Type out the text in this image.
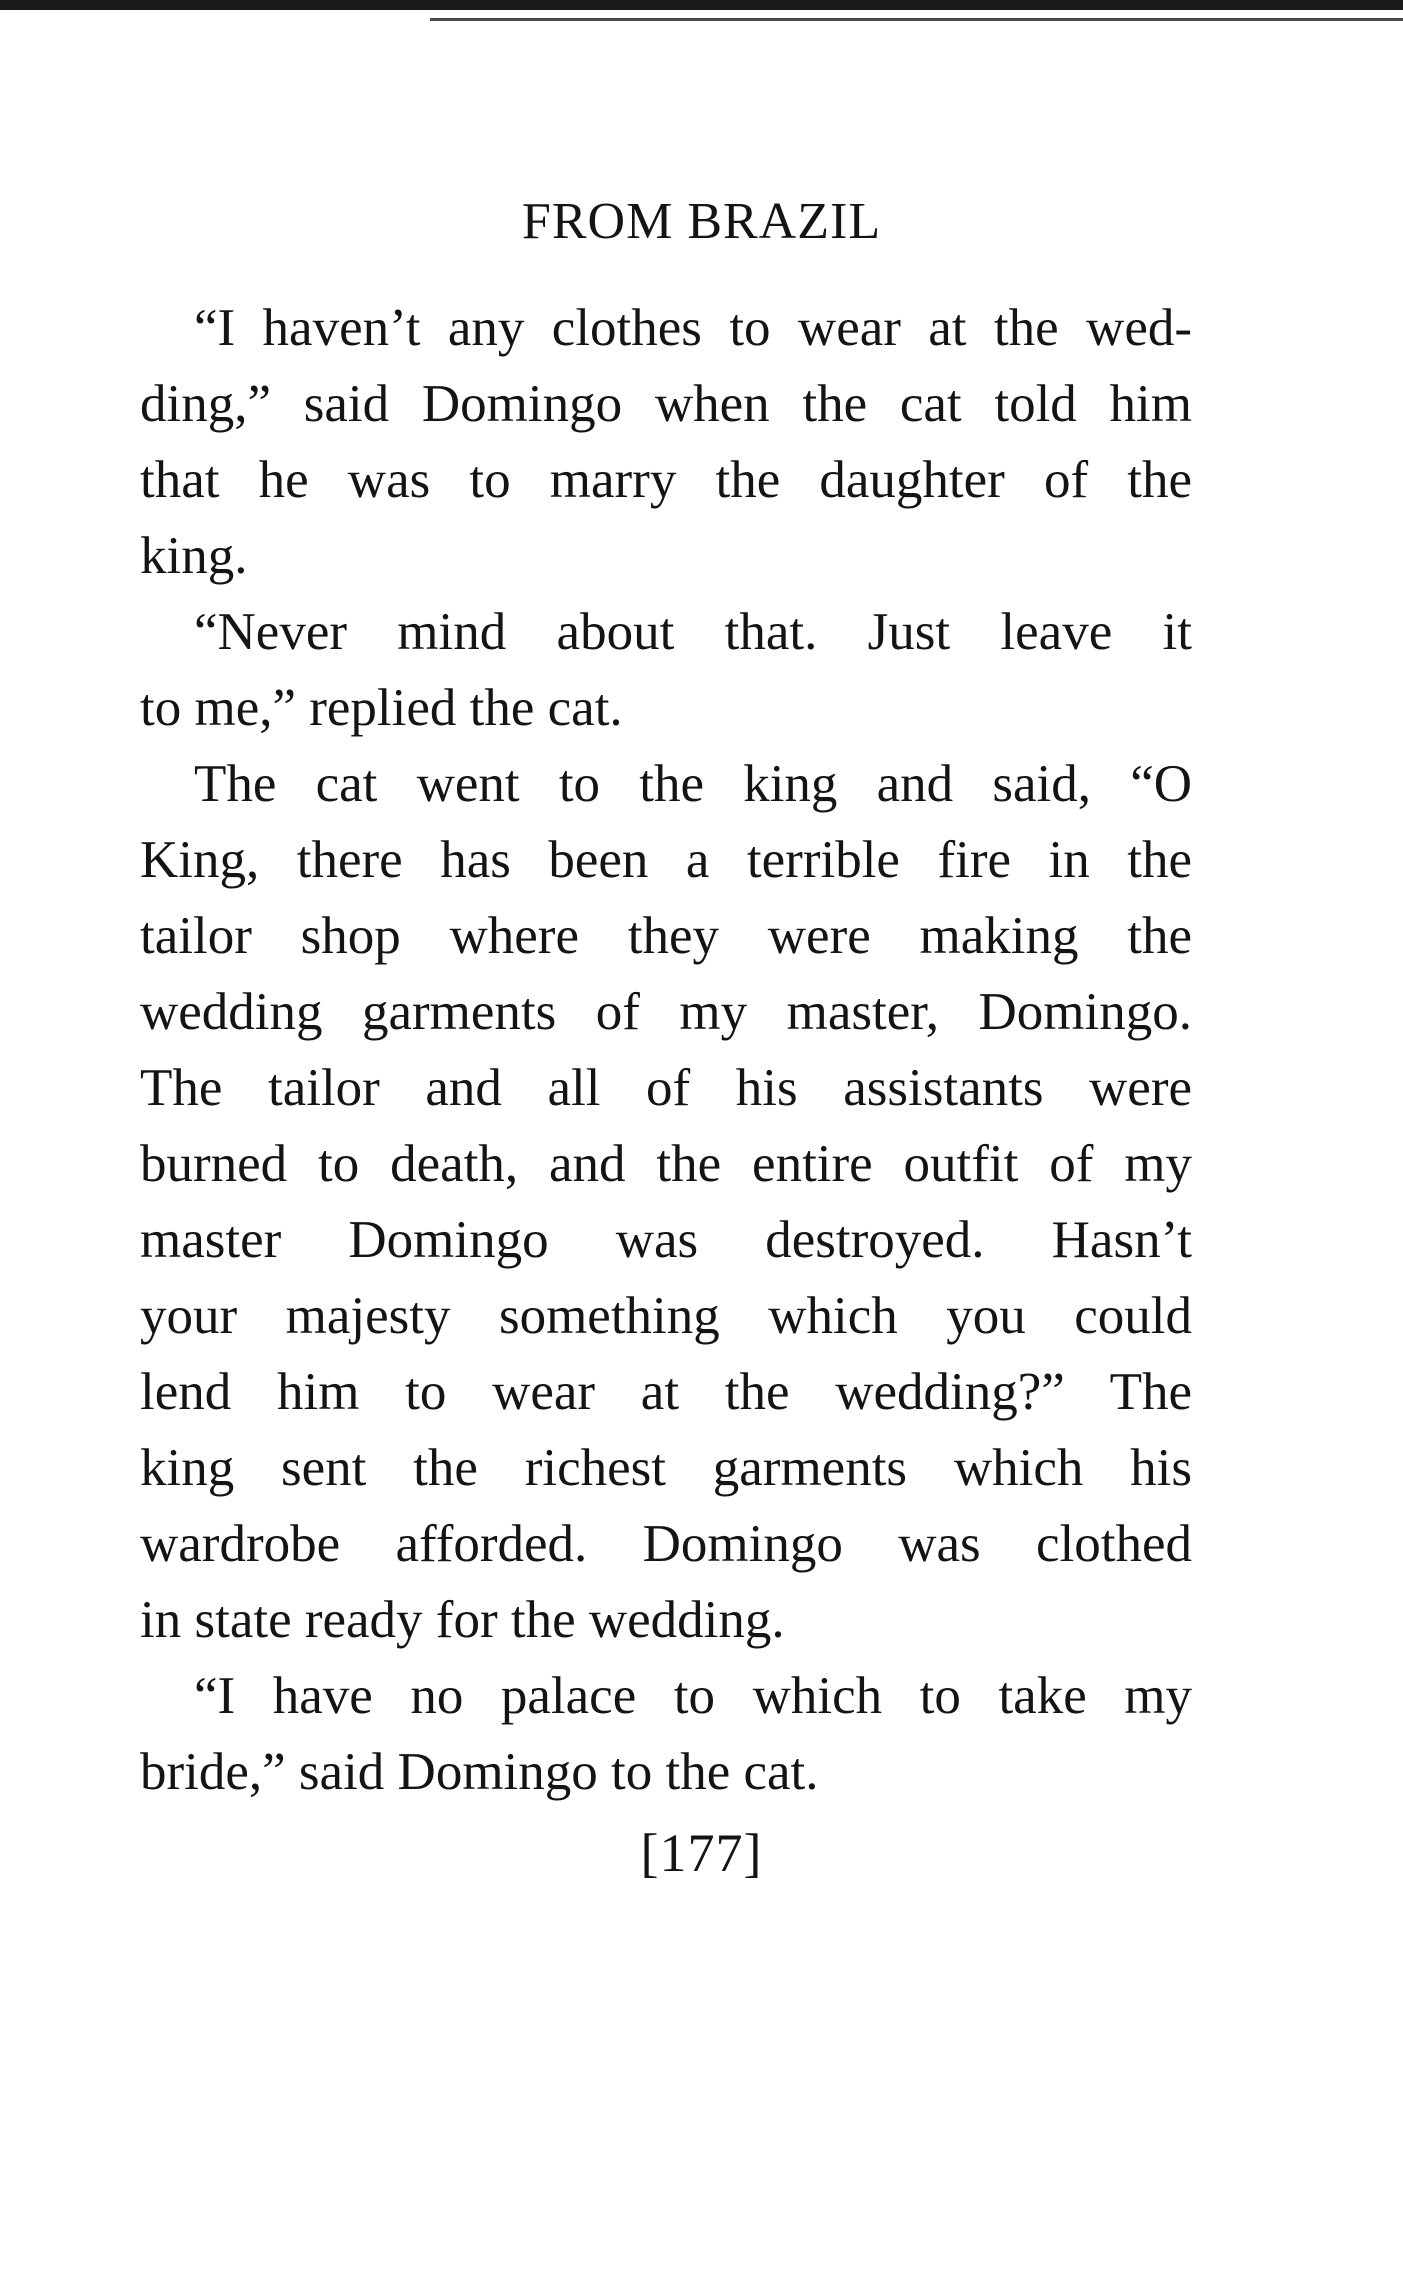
FROM BRAZIL
“I haven’t any clothes to wear at the wed-
ding,” said Domingo when the cat told him
that he was to marry the daughter of the
king.
“Never mind about that. Just leave it
to me,” replied the cat.
The cat went to the king and said, “O
King, there has been a terrible fire in the
tailor shop where they were making the
wedding garments of my master, Domingo.
The tailor and all of his assistants were
burned to death, and the entire outfit of my
master Domingo was destroyed. Hasn’t
your majesty something which you could
lend him to wear at the wedding?” The
king sent the richest garments which his
wardrobe afforded. Domingo was clothed
in state ready for the wedding.
“I have no palace to which to take my
bride,” said Domingo to the cat.
[177]
